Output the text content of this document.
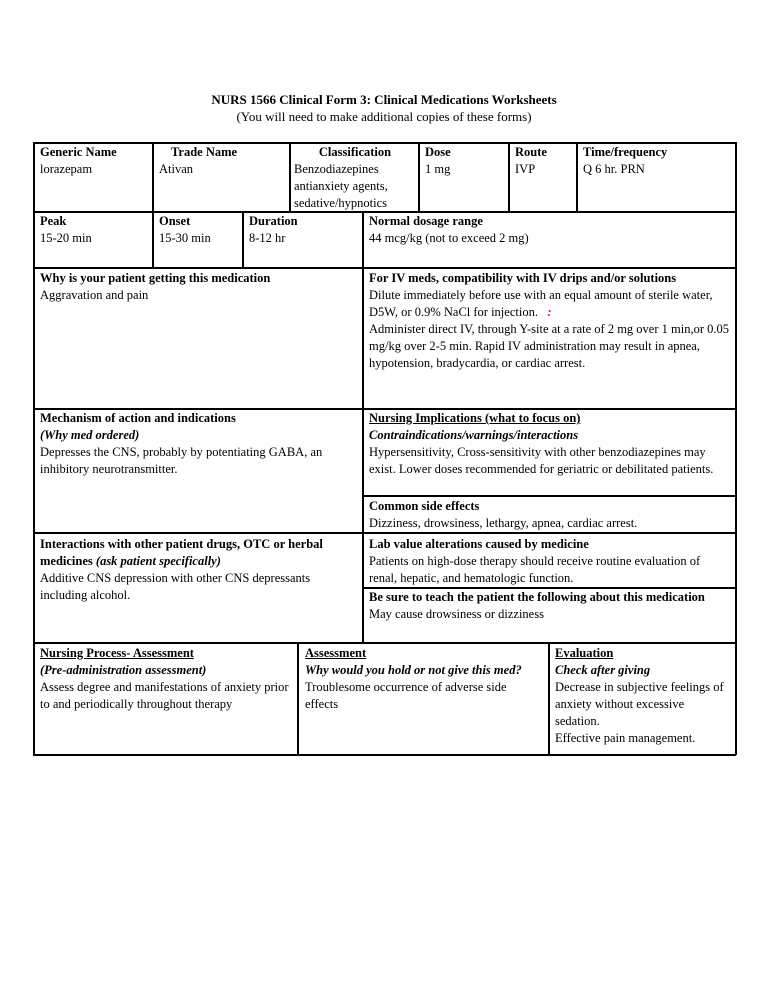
NURS 1566 Clinical Form 3: Clinical Medications Worksheets
(You will need to make additional copies of these forms)
Generic Name
lorazepam
Trade Name
Ativan
Classification
Benzodiazepines antianxiety agents, sedative/hypnotics
Dose
1 mg
Route
IVP
Time/frequency
Q 6 hr. PRN
Peak
15-20 min
Onset
15-30 min
Duration
8-12 hr
Normal dosage range
44 mcg/kg (not to exceed 2 mg)
Why is your patient getting this medication
Aggravation and pain
For IV meds, compatibility with IV drips and/or solutions
Dilute immediately before use with an equal amount of sterile water, D5W, or 0.9% NaCl for injection. :
Administer direct IV, through Y-site at a rate of 2 mg over 1 min,or 0.05 mg/kg over 2-5 min. Rapid IV administration may result in apnea, hypotension, bradycardia, or cardiac arrest.
Mechanism of action and indications
(Why med ordered)
Depresses the CNS, probably by potentiating GABA, an inhibitory neurotransmitter.
Nursing Implications (what to focus on)
Contraindications/warnings/interactions
Hypersensitivity, Cross-sensitivity with other benzodiazepines may exist. Lower doses recommended for geriatric or debilitated patients.
Common side effects
Dizziness, drowsiness, lethargy, apnea, cardiac arrest.
Interactions with other patient drugs, OTC or herbal medicines (ask patient specifically)
Additive CNS depression with other CNS depressants including alcohol.
Lab value alterations caused by medicine
Patients on high-dose therapy should receive routine evaluation of renal, hepatic, and hematologic function.
Be sure to teach the patient the following about this medication
May cause drowsiness or dizziness
Nursing Process- Assessment
(Pre-administration assessment)
Assess degree and manifestations of anxiety prior to and periodically throughout therapy
Assessment
Why would you hold or not give this med?
Troublesome occurrence of adverse side effects
Evaluation
Check after giving
Decrease in subjective feelings of anxiety without excessive sedation.
Effective pain management.
